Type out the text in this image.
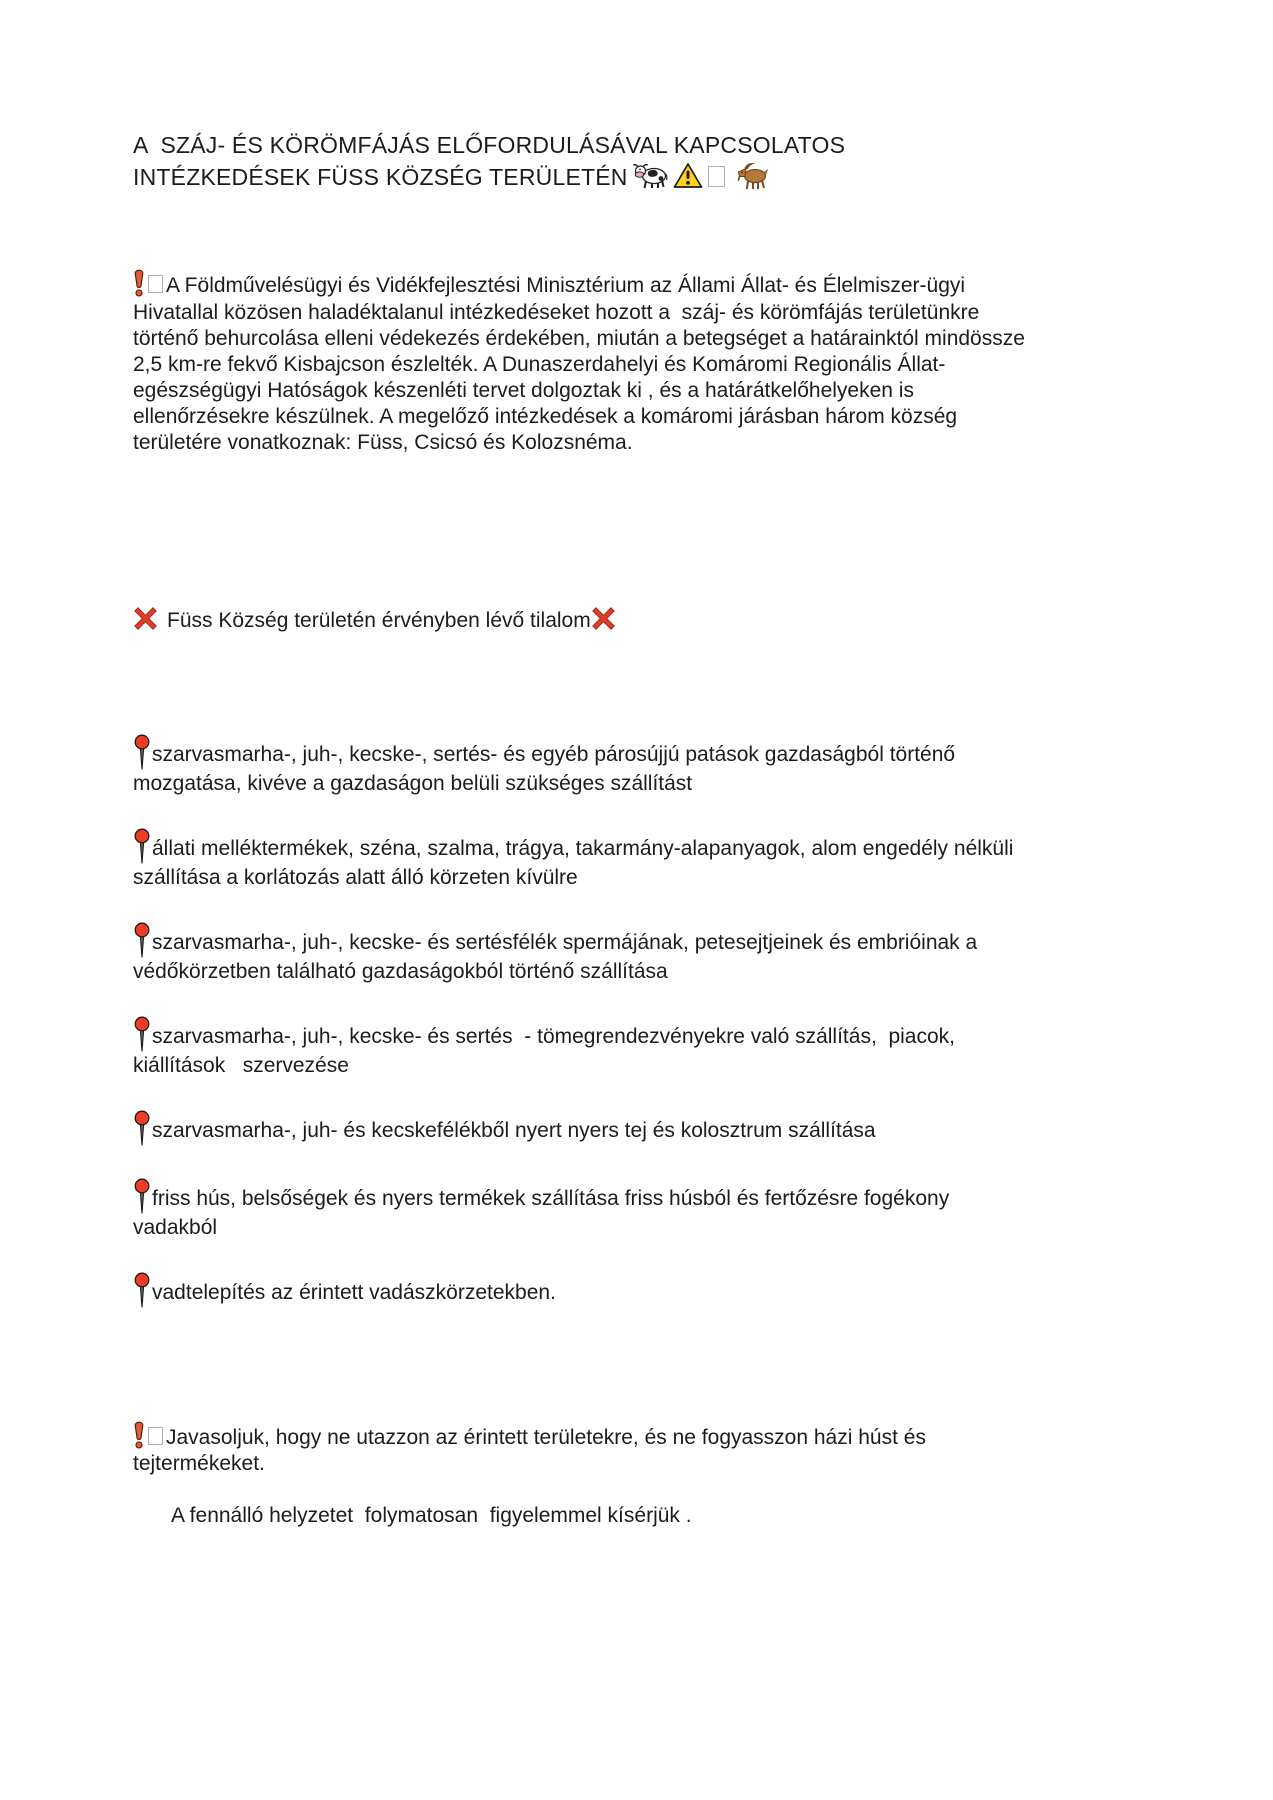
A  SZÁJ- ÉS KÖRÖMFÁJÁS ELŐFORDULÁSÁVAL KAPCSOLATOS INTÉZKEDÉSEK FÜSS KÖZSÉG TERÜLETÉN

A Földművelésügyi és Vidékfejlesztési Minisztérium az Állami Állat- és Élelmiszer-ügyi Hivatallal közösen haladéktalanul intézkedéseket hozott a  száj- és körömfájás területünkre történő behurcolása elleni védekezés érdekében, miután a betegséget a határainktól mindössze 2,5 km-re fekvő Kisbajcson észlelték. A Dunaszerdahelyi és Komáromi Regionális Állat-egészségügyi Hatóságok készenléti tervet dolgoztak ki , és a határátkelőhelyeken is  ellenőrzésekre készülnek. A megelőző intézkedések a komáromi járásban három község területére vonatkoznak: Füss, Csicsó és Kolozsnéma.

Füss Község területén érvényben lévő tilalom

szarvasmarha-, juh-, kecske-, sertés- és egyéb párosújjú patások gazdaságból történő mozgatása, kivéve a gazdaságon belüli szükséges szállítást

állati melléktermékek, széna, szalma, trágya, takarmány-alapanyagok, alom engedély nélküli szállítása a korlátozás alatt álló körzeten kívülre

szarvasmarha-, juh-, kecske- és sertésfélék spermájának, petesejtjeinek és embrióinak a védőkörzetben található gazdaságokból történő szállítása

szarvasmarha-, juh-, kecske- és sertés  - tömegrendezvényekre való szállítás,  piacok, kiállítások   szervezése

szarvasmarha-, juh- és kecskefélékből nyert nyers tej és kolosztrum szállítása

friss hús, belsőségek és nyers termékek szállítása friss húsból és fertőzésre fogékony vadakból

vadtelepítés az érintett vadászkörzetekben.

Javasoljuk, hogy ne utazzon az érintett területekre, és ne fogyasszon házi húst és tejtermékeket.

A fennálló helyzetet  folymatosan  figyelemmel kísérjük .
